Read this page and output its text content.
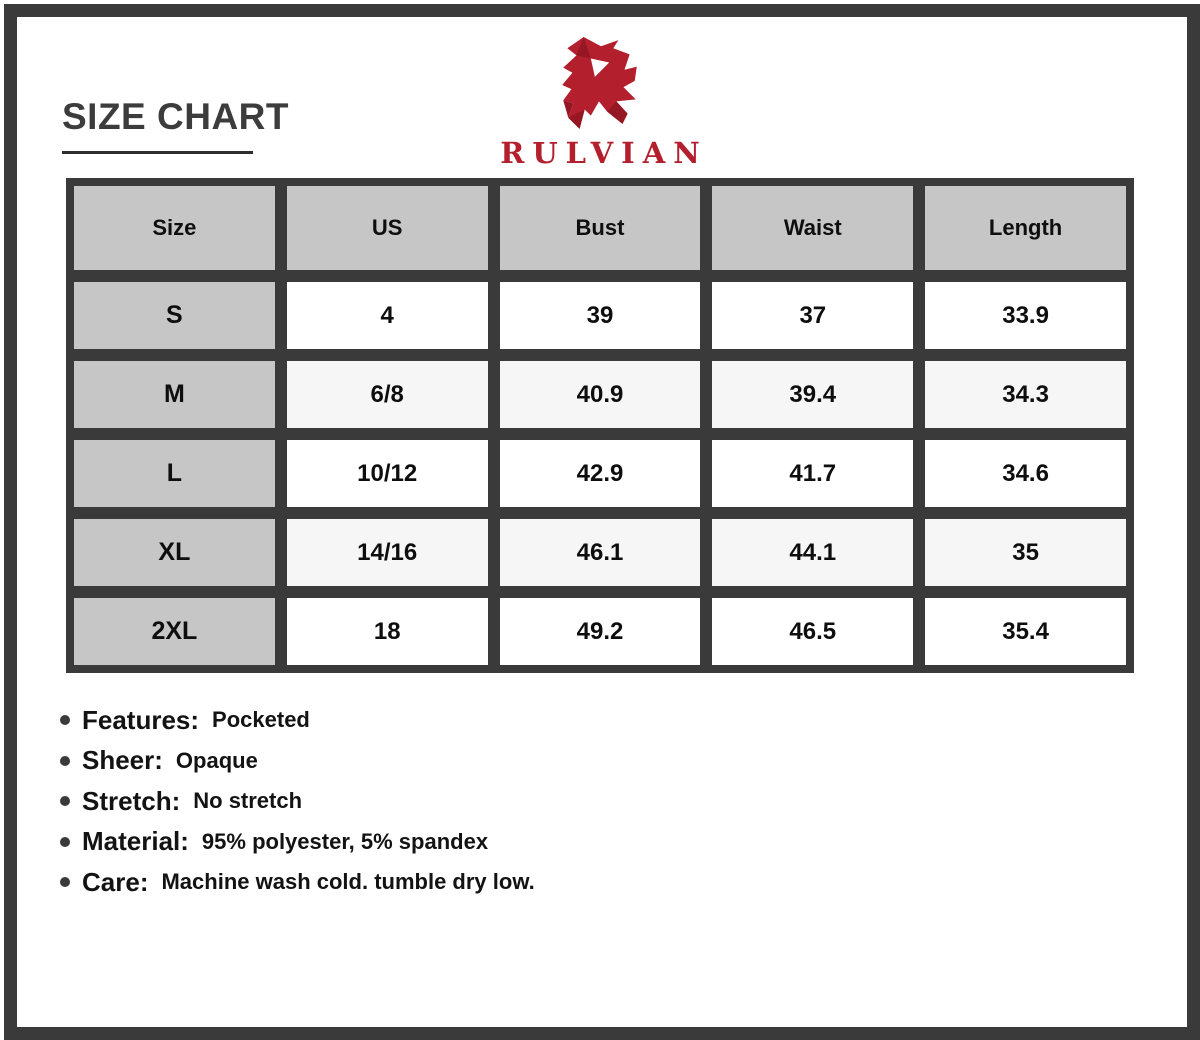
SIZE CHART
RULVIAN
Size	US	Bust	Waist	Length
S	4	39	37	33.9
M	6/8	40.9	39.4	34.3
L	10/12	42.9	41.7	34.6
XL	14/16	46.1	44.1	35
2XL	18	49.2	46.5	35.4
Features: Pocketed
Sheer: Opaque
Stretch: No stretch
Material: 95% polyester, 5% spandex
Care: Machine wash cold. tumble dry low.
